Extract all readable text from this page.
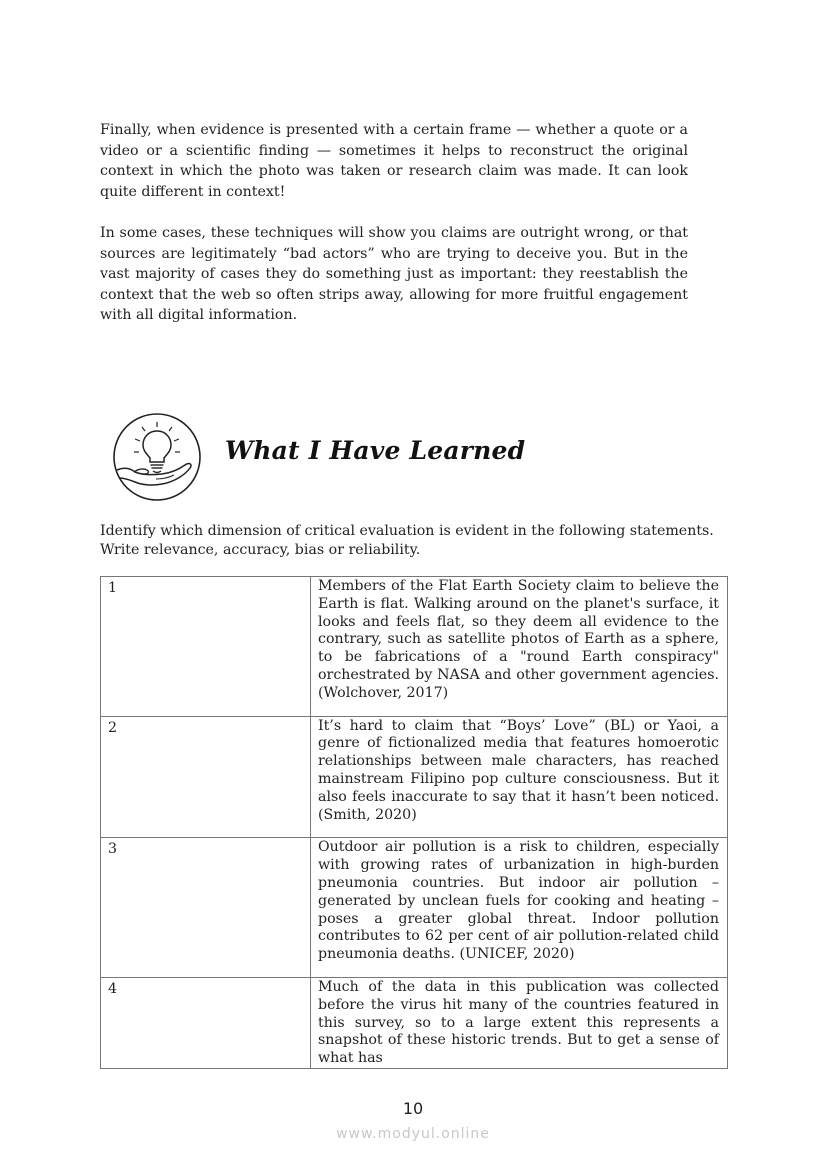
Finally, when evidence is presented with a certain frame — whether a quote or a video or a scientific finding — sometimes it helps to reconstruct the original context in which the photo was taken or research claim was made. It can look quite different in context!

In some cases, these techniques will show you claims are outright wrong, or that sources are legitimately “bad actors” who are trying to deceive you. But in the vast majority of cases they do something just as important: they reestablish the context that the web so often strips away, allowing for more fruitful engagement with all digital information.

What I Have Learned
Identify which dimension of critical evaluation is evident in the following statements.
Write relevance, accuracy, bias or reliability.
1	Members of the Flat Earth Society claim to believe the Earth is flat. Walking around on the planet's surface, it looks and feels flat, so they deem all evidence to the contrary, such as satellite photos of Earth as a sphere, to be fabrications of a "round Earth conspiracy" orchestrated by NASA and other government agencies. (Wolchover, 2017)
2	It’s hard to claim that “Boys’ Love” (BL) or Yaoi, a genre of fictionalized media that features homoerotic relationships between male characters, has reached mainstream Filipino pop culture consciousness. But it also feels inaccurate to say that it hasn’t been noticed. (Smith, 2020)
3	Outdoor air pollution is a risk to children, especially with growing rates of urbanization in high-burden pneumonia countries. But indoor air pollution – generated by unclean fuels for cooking and heating – poses a greater global threat. Indoor pollution contributes to 62 per cent of air pollution-related child pneumonia deaths. (UNICEF, 2020)
4	Much of the data in this publication was collected before the virus hit many of the countries featured in this survey, so to a large extent this represents a snapshot of these historic trends. But to get a sense of what has
10
www.modyul.online
